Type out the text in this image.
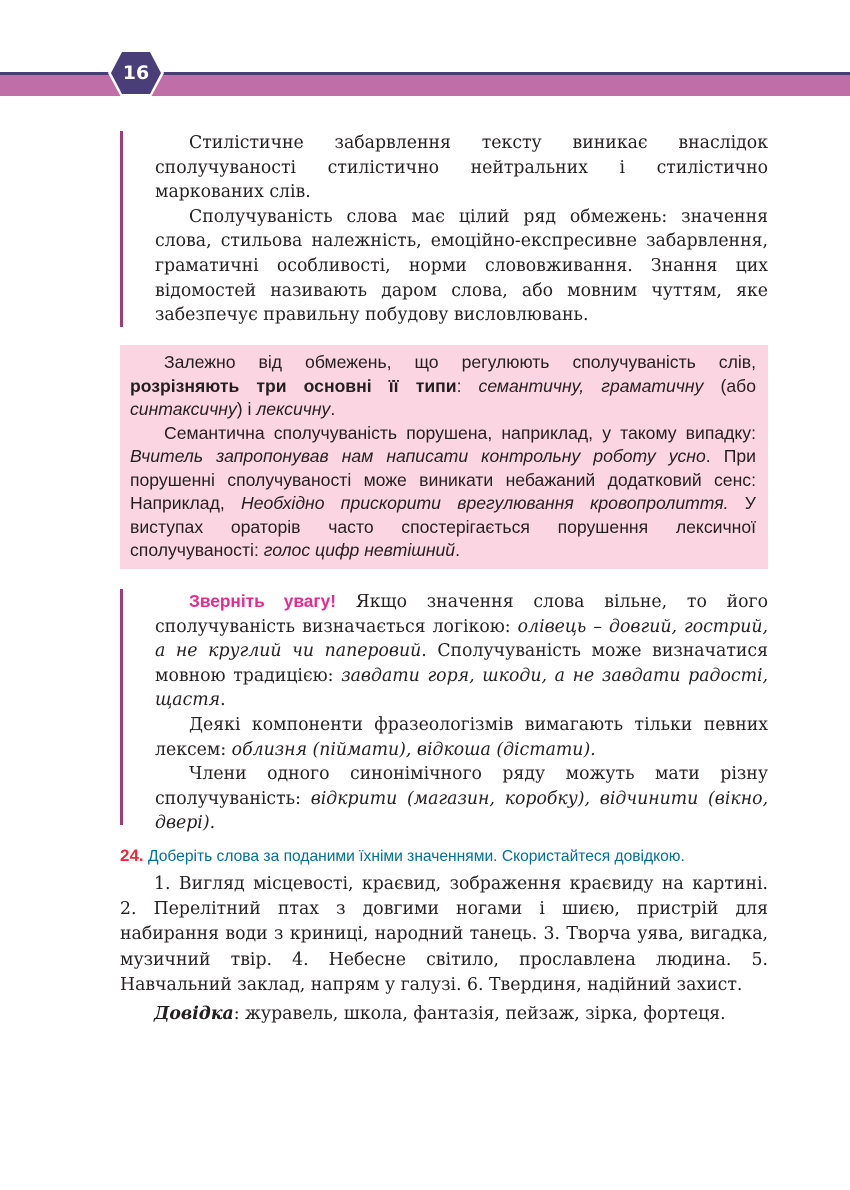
16

Стилістичне забарвлення тексту виникає внаслідок сполучуваності стилістично нейтральних і стилістично маркованих слів.

Сполучуваність слова має цілий ряд обмежень: значення слова, стильова належність, емоційно-експресивне забарвлення, граматичні особливості, норми слововживання. Знання цих відомостей називають даром слова, або мовним чуттям, яке забезпечує правильну побудову висловлювань.

Залежно від обмежень, що регулюють сполучуваність слів, розрізняють три основні її типи: семантичну, граматичну (або синтаксичну) і лексичну.

Семантична сполучуваність порушена, наприклад, у такому випадку: Вчитель запропонував нам написати контрольну роботу усно. При порушенні сполучуваності може виникати небажаний додатковий сенс: Наприклад, Необхідно прискорити врегулювання кровопролиття. У виступах ораторів часто спостерігається порушення лексичної сполучуваності: голос цифр невтішний.

Зверніть увагу! Якщо значення слова вільне, то його сполучуваність визначається логікою: олівець – довгий, гострий, а не круглий чи паперовий. Сполучуваність може визначатися мовною традицією: завдати горя, шкоди, а не завдати радості, щастя.

Деякі компоненти фразеологізмів вимагають тільки певних лексем: облизня (піймати), відкоша (дістати).

Члени одного синонімічного ряду можуть мати різну сполучуваність: відкрити (магазин, коробку), відчинити (вікно, двері).

24. Доберіть слова за поданими їхніми значеннями. Скористайтеся довідкою.

1. Вигляд місцевості, краєвид, зображення краєвиду на картині. 2. Перелітний птах з довгими ногами і шиєю, пристрій для набирання води з криниці, народний танець. 3. Творча уява, вигадка, музичний твір. 4. Небесне світило, прославлена людина. 5. Навчальний заклад, напрям у галузі. 6. Твердиня, надійний захист.

Довідка: журавель, школа, фантазія, пейзаж, зірка, фортеця.
